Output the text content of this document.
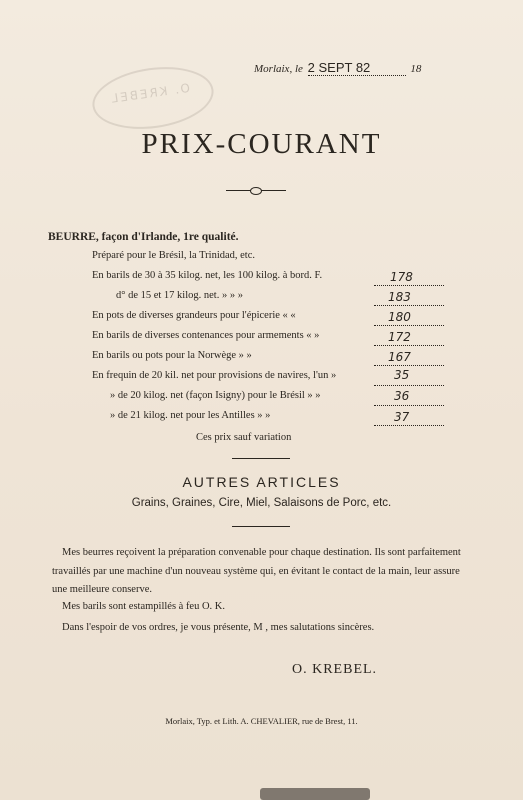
O. KREBEL
Morlaix, le 2 SEPT 82	18
PRIX-COURANT
BEURRE, façon d'Irlande, 1re qualité.
Préparé pour le Brésil, la Trinidad, etc.
En barils de 30 à 35 kilog. net, les 100 kilog. à bord. F.	178
d° de 15 et 17 kilog. net. » » »	183
En pots de diverses grandeurs pour l'épicerie « «	180
En barils de diverses contenances pour armements « »	172
En barils ou pots pour la Norwège » »	167
En frequin de 20 kil. net pour provisions de navires, l'un »	35
» de 20 kilog. net (façon Isigny) pour le Brésil » »	36
» de 21 kilog. net pour les Antilles » »	37
Ces prix sauf variation
AUTRES ARTICLES
Grains, Graines, Cire, Miel, Salaisons de Porc, etc.
Mes beurres reçoivent la préparation convenable pour chaque destination. Ils sont parfaitement travaillés par une machine d'un nouveau système qui, en évitant le contact de la main, leur assure une meilleure conserve.
Mes barils sont estampillés à feu O. K.
Dans l'espoir de vos ordres, je vous présente, M , mes salutations sincères.
O. KREBEL.
Morlaix, Typ. et Lith. A. CHEVALIER, rue de Brest, 11.
